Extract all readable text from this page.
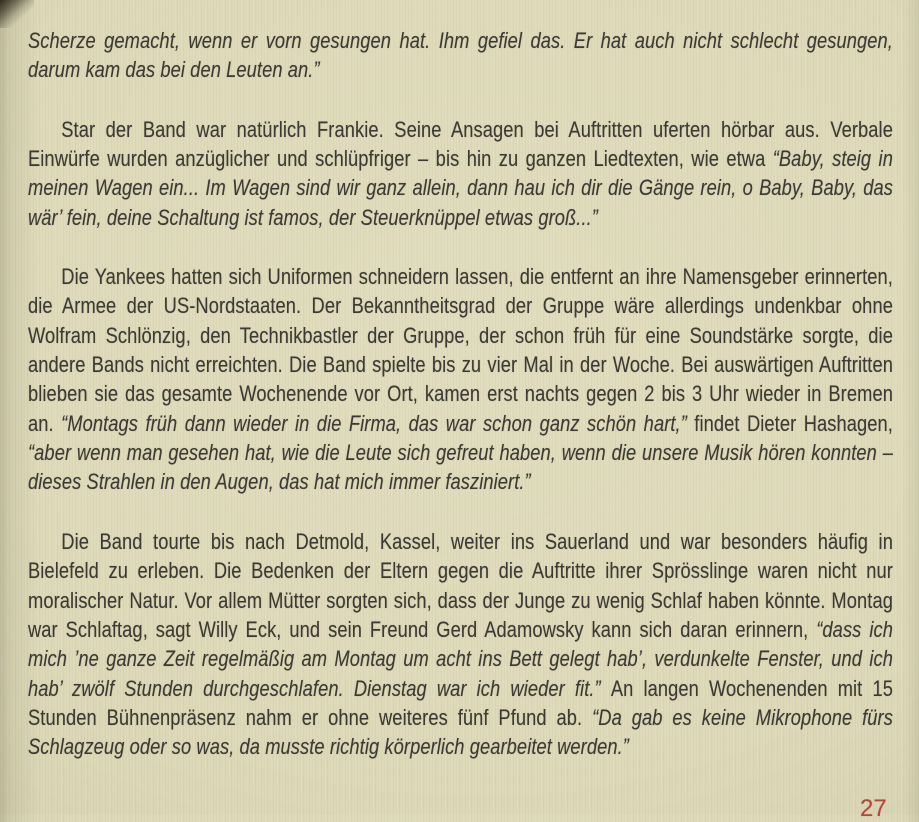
Scherze gemacht, wenn er vorn gesungen hat. Ihm gefiel das. Er hat auch nicht schlecht gesungen, darum kam das bei den Leuten an.”

Star der Band war natürlich Frankie. Seine Ansagen bei Auftritten uferten hörbar aus. Verbale Einwürfe wurden anzüglicher und schlüpfriger – bis hin zu ganzen Liedtexten, wie etwa “Baby, steig in meinen Wagen ein... Im Wagen sind wir ganz allein, dann hau ich dir die Gänge rein, o Baby, Baby, das wär’ fein, deine Schaltung ist famos, der Steuerknüppel etwas groß...”

Die Yankees hatten sich Uniformen schneidern lassen, die entfernt an ihre Namensgeber erinnerten, die Armee der US-Nordstaaten. Der Bekanntheitsgrad der Gruppe wäre allerdings undenkbar ohne Wolfram Schlönzig, den Technikbastler der Gruppe, der schon früh für eine Soundstärke sorgte, die andere Bands nicht erreichten. Die Band spielte bis zu vier Mal in der Woche. Bei auswärtigen Auftritten blieben sie das gesamte Wochenende vor Ort, kamen erst nachts gegen 2 bis 3 Uhr wieder in Bremen an. “Montags früh dann wieder in die Firma, das war schon ganz schön hart,” findet Dieter Hashagen, “aber wenn man gesehen hat, wie die Leute sich gefreut haben, wenn die unsere Musik hören konnten – dieses Strahlen in den Augen, das hat mich immer fasziniert.”

Die Band tourte bis nach Detmold, Kassel, weiter ins Sauerland und war besonders häufig in Bielefeld zu erleben. Die Bedenken der Eltern gegen die Auftritte ihrer Sprösslinge waren nicht nur moralischer Natur. Vor allem Mütter sorgten sich, dass der Junge zu wenig Schlaf haben könnte. Montag war Schlaftag, sagt Willy Eck, und sein Freund Gerd Adamowsky kann sich daran erinnern, “dass ich mich ’ne ganze Zeit regelmäßig am Montag um acht ins Bett gelegt hab’, verdunkelte Fenster, und ich hab’ zwölf Stunden durchgeschlafen. Dienstag war ich wieder fit.” An langen Wochenenden mit 15 Stunden Bühnenpräsenz nahm er ohne weiteres fünf Pfund ab. “Da gab es keine Mikrophone fürs Schlagzeug oder so was, da musste richtig körperlich gearbeitet werden.”

27
